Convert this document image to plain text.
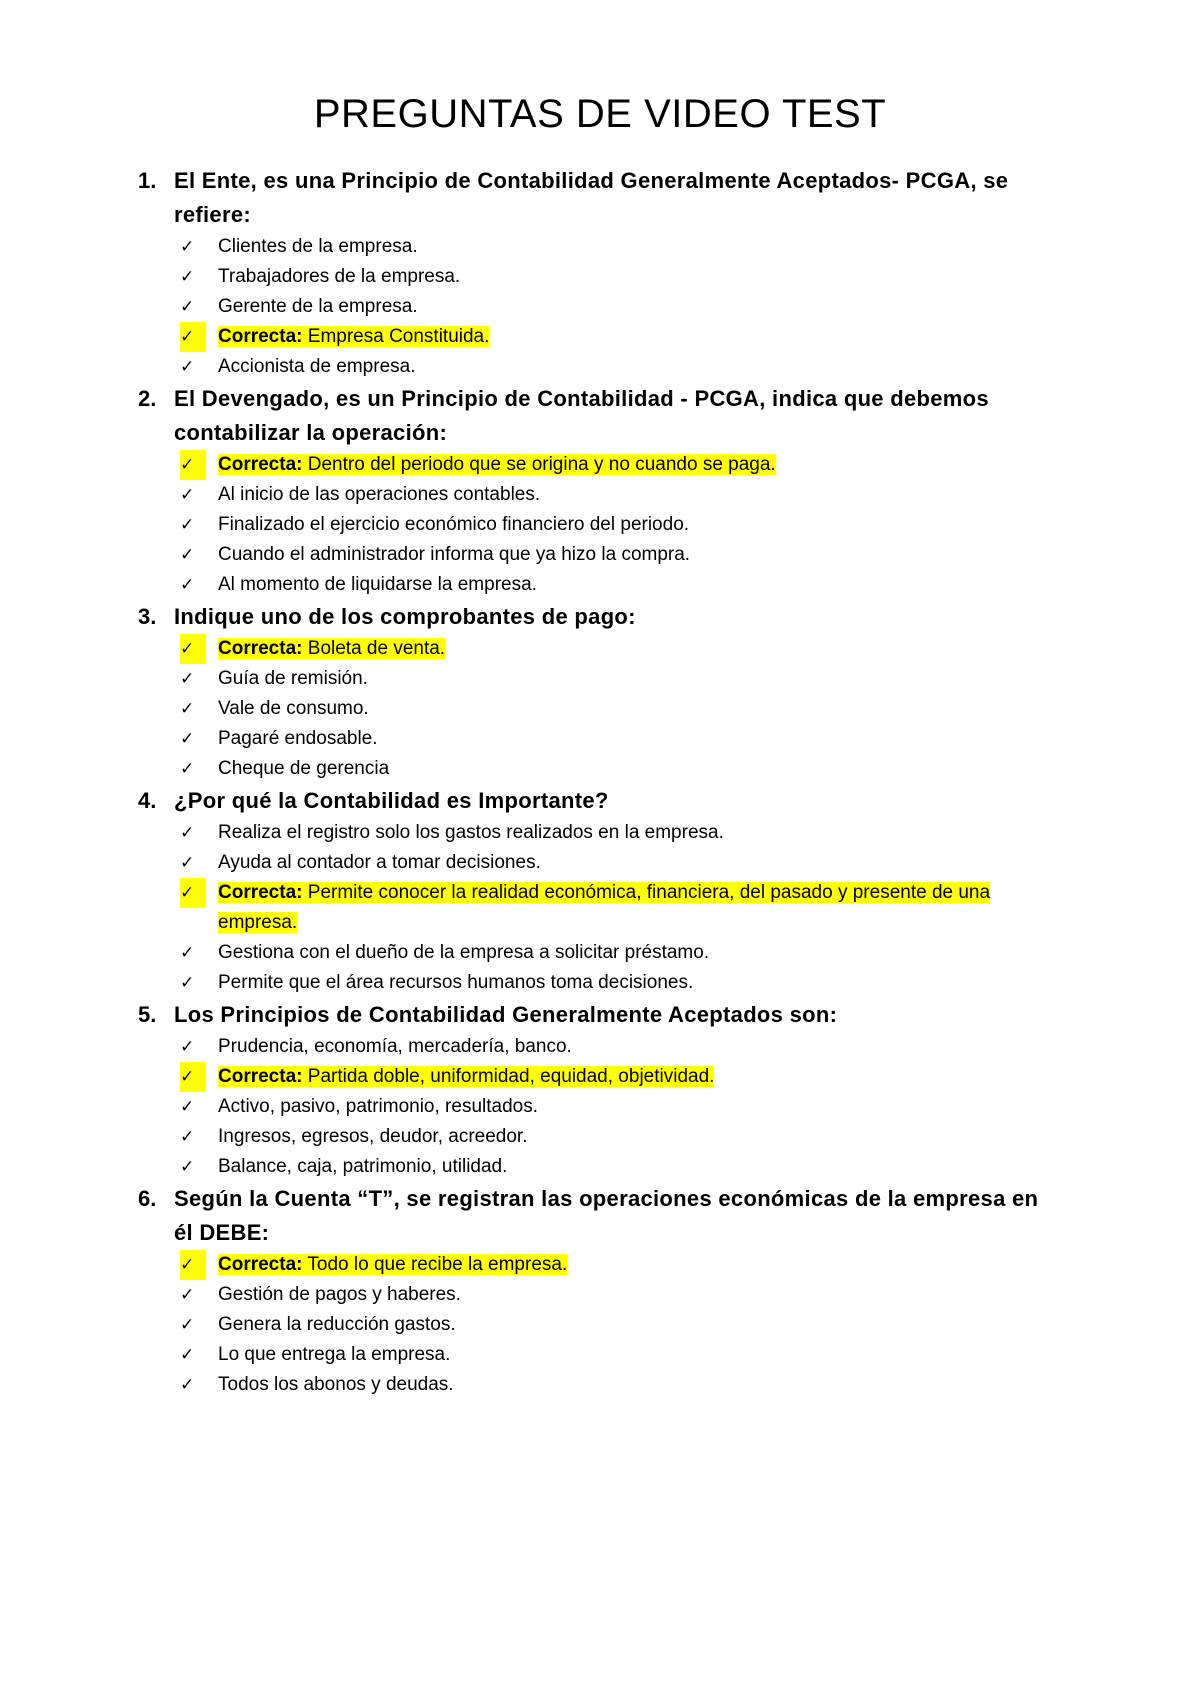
PREGUNTAS DE VIDEO TEST
1. El Ente, es una Principio de Contabilidad Generalmente Aceptados- PCGA, se refiere:
✓	Clientes de la empresa.
✓	Trabajadores de la empresa.
✓	Gerente de la empresa.
✓	Correcta: Empresa Constituida.
✓	Accionista de empresa.
2. El Devengado, es un Principio de Contabilidad - PCGA, indica que debemos contabilizar la operación:
✓	Correcta: Dentro del periodo que se origina y no cuando se paga.
✓	Al inicio de las operaciones contables.
✓	Finalizado el ejercicio económico financiero del periodo.
✓	Cuando el administrador informa que ya hizo la compra.
✓	Al momento de liquidarse la empresa.
3. Indique uno de los comprobantes de pago:
✓	Correcta: Boleta de venta.
✓	Guía de remisión.
✓	Vale de consumo.
✓	Pagaré endosable.
✓	Cheque de gerencia
4. ¿Por qué la Contabilidad es Importante?
✓	Realiza el registro solo los gastos realizados en la empresa.
✓	Ayuda al contador a tomar decisiones.
✓	Correcta: Permite conocer la realidad económica, financiera, del pasado y presente de una empresa.
✓	Gestiona con el dueño de la empresa a solicitar préstamo.
✓	Permite que el área recursos humanos toma decisiones.
5. Los Principios de Contabilidad Generalmente Aceptados son:
✓	Prudencia, economía, mercadería, banco.
✓	Correcta: Partida doble, uniformidad, equidad, objetividad.
✓	Activo, pasivo, patrimonio, resultados.
✓	Ingresos, egresos, deudor, acreedor.
✓	Balance, caja, patrimonio, utilidad.
6. Según la Cuenta “T”, se registran las operaciones económicas de la empresa en él DEBE:
✓	Correcta: Todo lo que recibe la empresa.
✓	Gestión de pagos y haberes.
✓	Genera la reducción gastos.
✓	Lo que entrega la empresa.
✓	Todos los abonos y deudas.
